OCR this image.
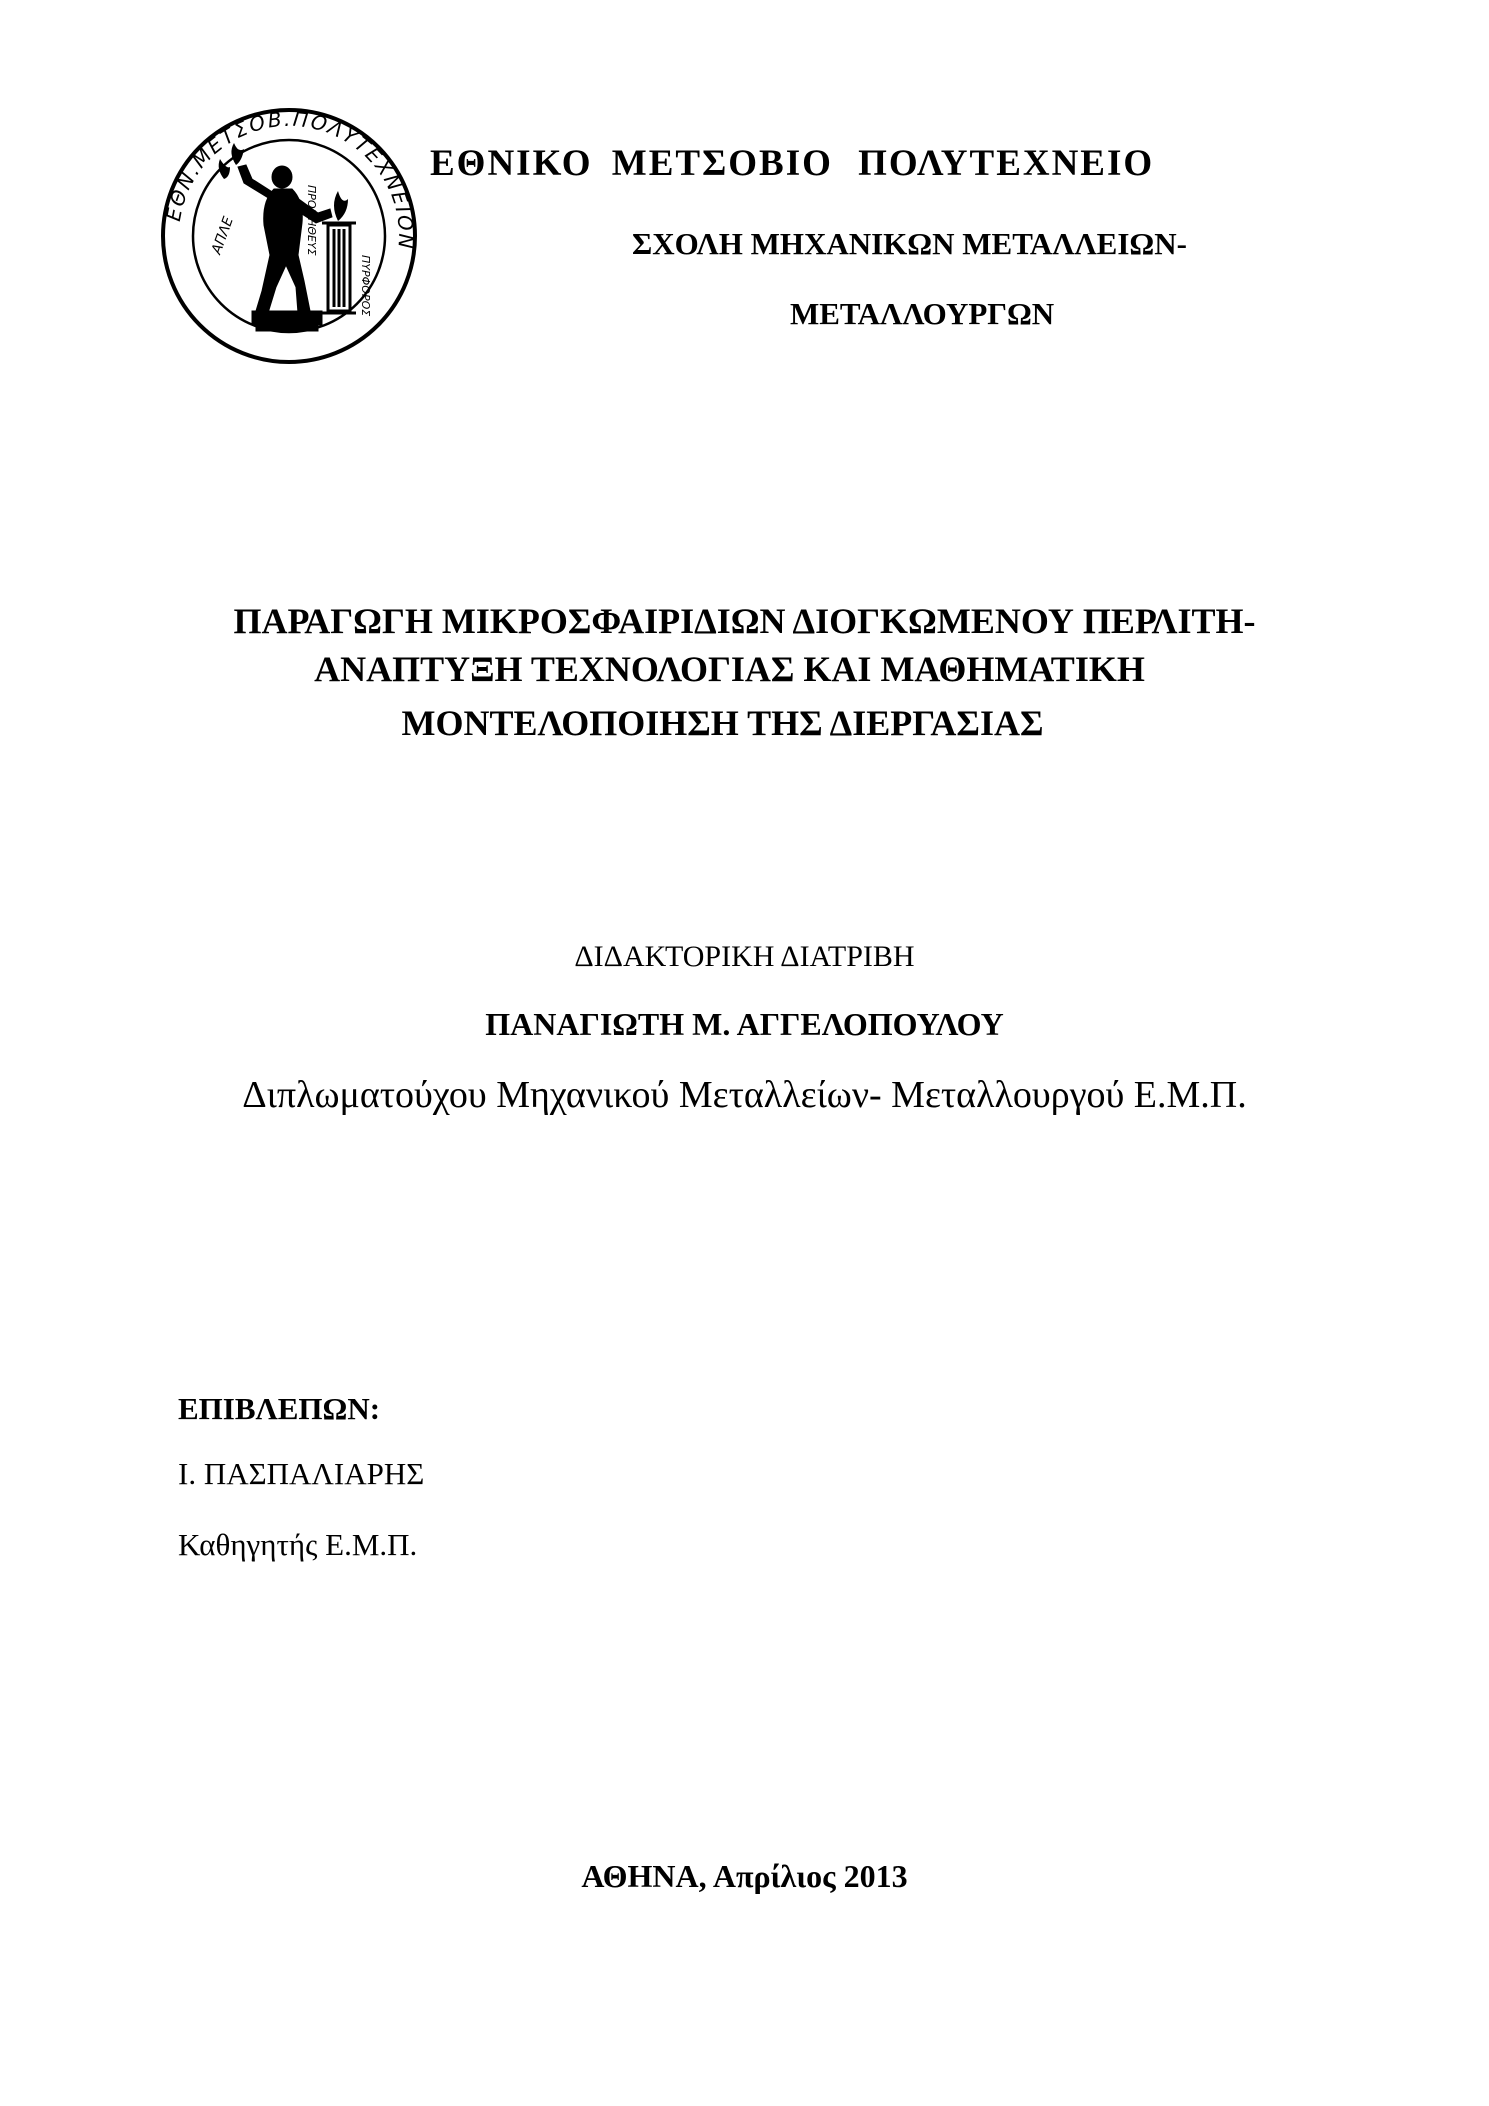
ΕΘΝ.ΜΕΤΣΟΒ.ΠΟΛΥΤΕΧΝΕΙΟΝ
ΑΠΛΕ	ΠΡΟΜΗΘΕΥΣ
ΠΥΡΦΟΡΟΣ
ΕΘΝΙΚΟ ΜΕΤΣΟΒΙΟ ΠΟΛΥΤΕΧΝΕΙΟ
ΣΧΟΛΗ ΜΗΧΑΝΙΚΩΝ ΜΕΤΑΛΛΕΙΩΝ-
ΜΕΤΑΛΛΟΥΡΓΩΝ
ΠΑΡΑΓΩΓΗ ΜΙΚΡΟΣΦΑΙΡΙΔΙΩΝ ΔΙΟΓΚΩΜΕΝΟΥ ΠΕΡΛΙΤΗ-
ΑΝΑΠΤΥΞΗ ΤΕΧΝΟΛΟΓΙΑΣ ΚΑΙ ΜΑΘΗΜΑΤΙΚΗ
ΜΟΝΤΕΛΟΠΟΙΗΣΗ ΤΗΣ ΔΙΕΡΓΑΣΙΑΣ
ΔΙΔΑΚΤΟΡΙΚΗ ΔΙΑΤΡΙΒΗ
ΠΑΝΑΓΙΩΤΗ Μ. ΑΓΓΕΛΟΠΟΥΛΟΥ
Διπλωματούχου Μηχανικού Μεταλλείων- Μεταλλουργού Ε.Μ.Π.
ΕΠΙΒΛΕΠΩΝ:
Ι. ΠΑΣΠΑΛΙΑΡΗΣ
Καθηγητής Ε.Μ.Π.
ΑΘΗΝΑ, Απρίλιος 2013
